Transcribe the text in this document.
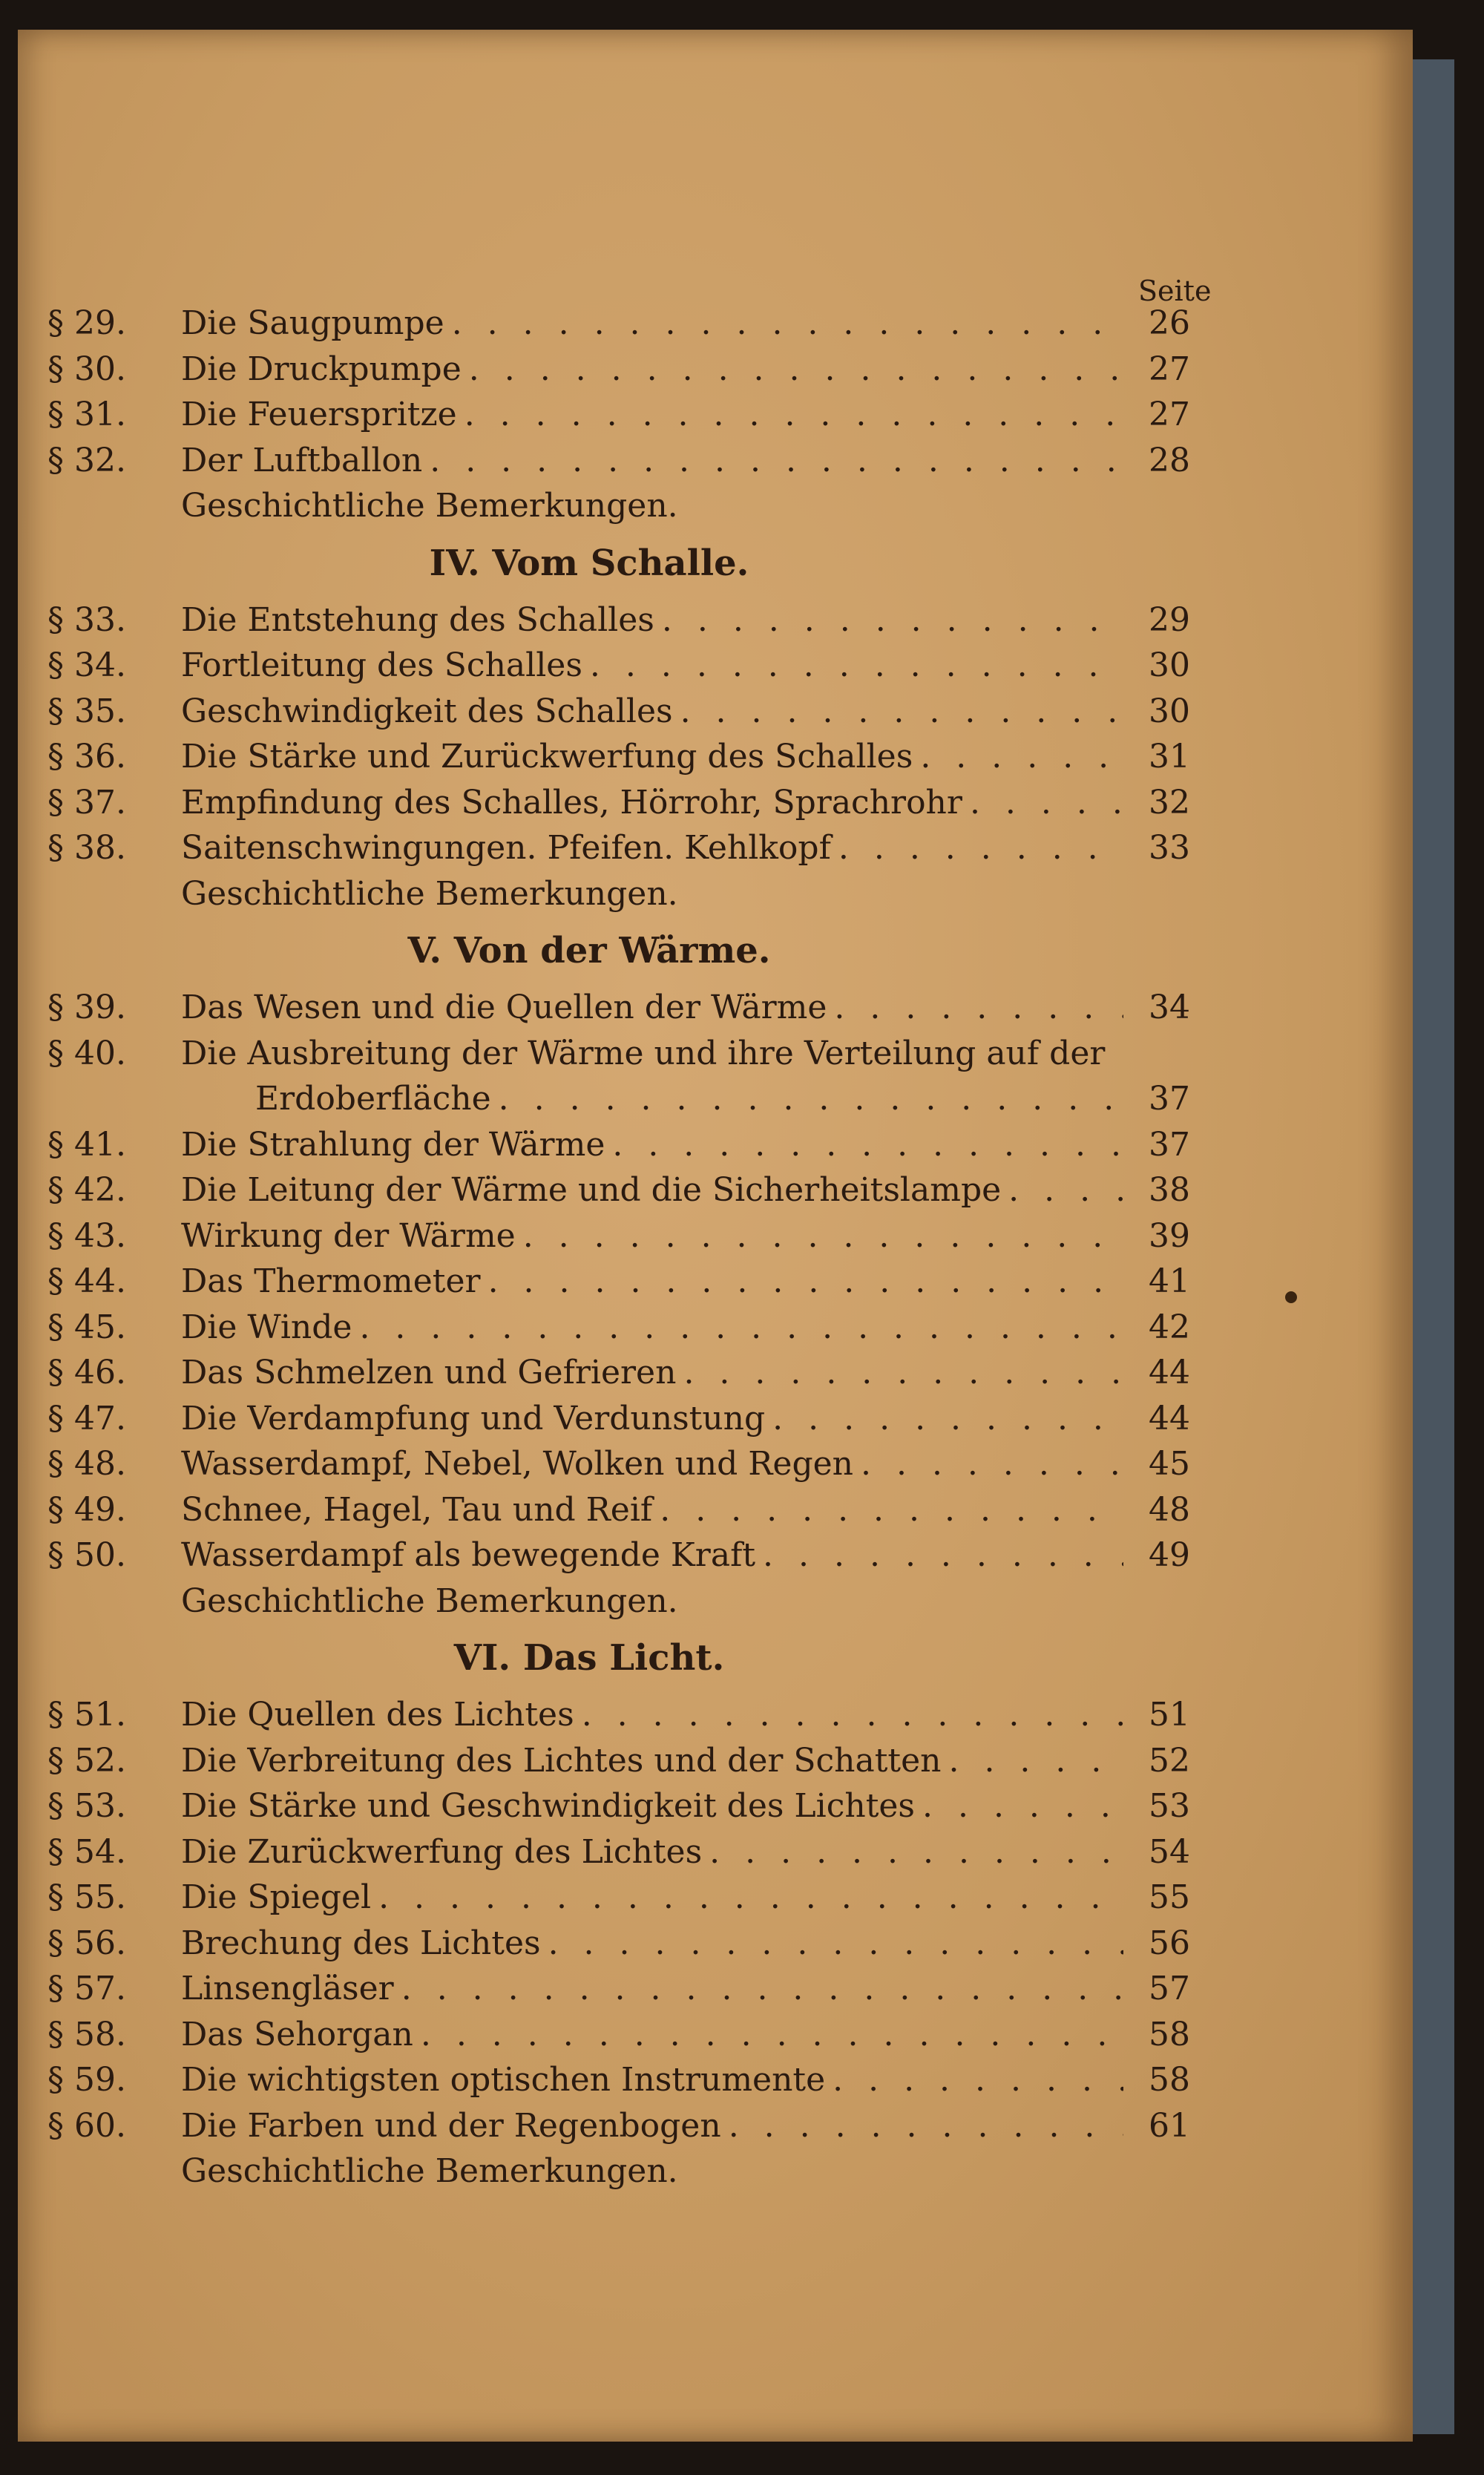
Seite
§ 29.	Die Saugpumpe . . .	26
§ 30.	Die Druckpumpe . . .	27
§ 31.	Die Feuerspritze . . .	27
§ 32.	Der Luftballon . . .	28
Geschichtliche Bemerkungen.
IV. Vom Schalle.
§ 33.	Die Entstehung des Schalles . . .	29
§ 34.	Fortleitung des Schalles . . .	30
§ 35.	Geschwindigkeit des Schalles . . .	30
§ 36.	Die Stärke und Zurückwerfung des Schalles . . .	31
§ 37.	Empfindung des Schalles, Hörrohr, Sprachrohr . . .	32
§ 38.	Saitenschwingungen. Pfeifen. Kehlkopf . . .	33
Geschichtliche Bemerkungen.
V. Von der Wärme.
§ 39.	Das Wesen und die Quellen der Wärme . . .	34
§ 40.	Die Ausbreitung der Wärme und ihre Verteilung auf der
Erdoberfläche . . .	37
§ 41.	Die Strahlung der Wärme . . .	37
§ 42.	Die Leitung der Wärme und die Sicherheitslampe . . .	38
§ 43.	Wirkung der Wärme . . .	39
§ 44.	Das Thermometer . . .	41
§ 45.	Die Winde . . .	42
§ 46.	Das Schmelzen und Gefrieren . . .	44
§ 47.	Die Verdampfung und Verdunstung . . .	44
§ 48.	Wasserdampf, Nebel, Wolken und Regen . . .	45
§ 49.	Schnee, Hagel, Tau und Reif . . .	48
§ 50.	Wasserdampf als bewegende Kraft . . .	49
Geschichtliche Bemerkungen.
VI. Das Licht.
§ 51.	Die Quellen des Lichtes . . .	51
§ 52.	Die Verbreitung des Lichtes und der Schatten . . .	52
§ 53.	Die Stärke und Geschwindigkeit des Lichtes . . .	53
§ 54.	Die Zurückwerfung des Lichtes . . .	54
§ 55.	Die Spiegel . . .	55
§ 56.	Brechung des Lichtes . . .	56
§ 57.	Linsengläser . . .	57
§ 58.	Das Sehorgan . . .	58
§ 59.	Die wichtigsten optischen Instrumente . . .	58
§ 60.	Die Farben und der Regenbogen . . .	61
Geschichtliche Bemerkungen.
